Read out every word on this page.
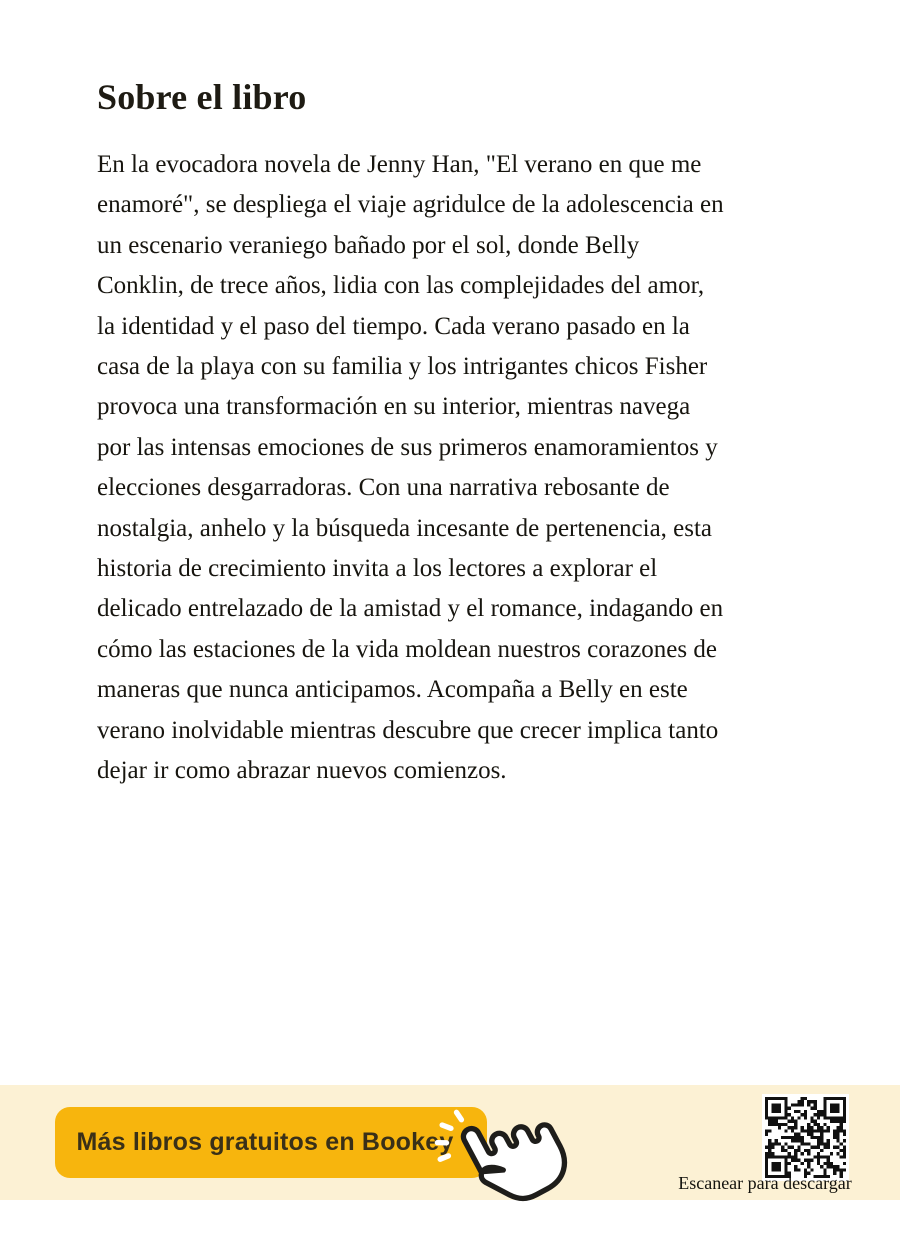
Sobre el libro

En la evocadora novela de Jenny Han, "El verano en que me
enamoré", se despliega el viaje agridulce de la adolescencia en
un escenario veraniego bañado por el sol, donde Belly
Conklin, de trece años, lidia con las complejidades del amor,
la identidad y el paso del tiempo. Cada verano pasado en la
casa de la playa con su familia y los intrigantes chicos Fisher
provoca una transformación en su interior, mientras navega
por las intensas emociones de sus primeros enamoramientos y
elecciones desgarradoras. Con una narrativa rebosante de
nostalgia, anhelo y la búsqueda incesante de pertenencia, esta
historia de crecimiento invita a los lectores a explorar el
delicado entrelazado de la amistad y el romance, indagando en
cómo las estaciones de la vida moldean nuestros corazones de
maneras que nunca anticipamos. Acompaña a Belly en este
verano inolvidable mientras descubre que crecer implica tanto
dejar ir como abrazar nuevos comienzos.

Más libros gratuitos en Bookey
Escanear para descargar
